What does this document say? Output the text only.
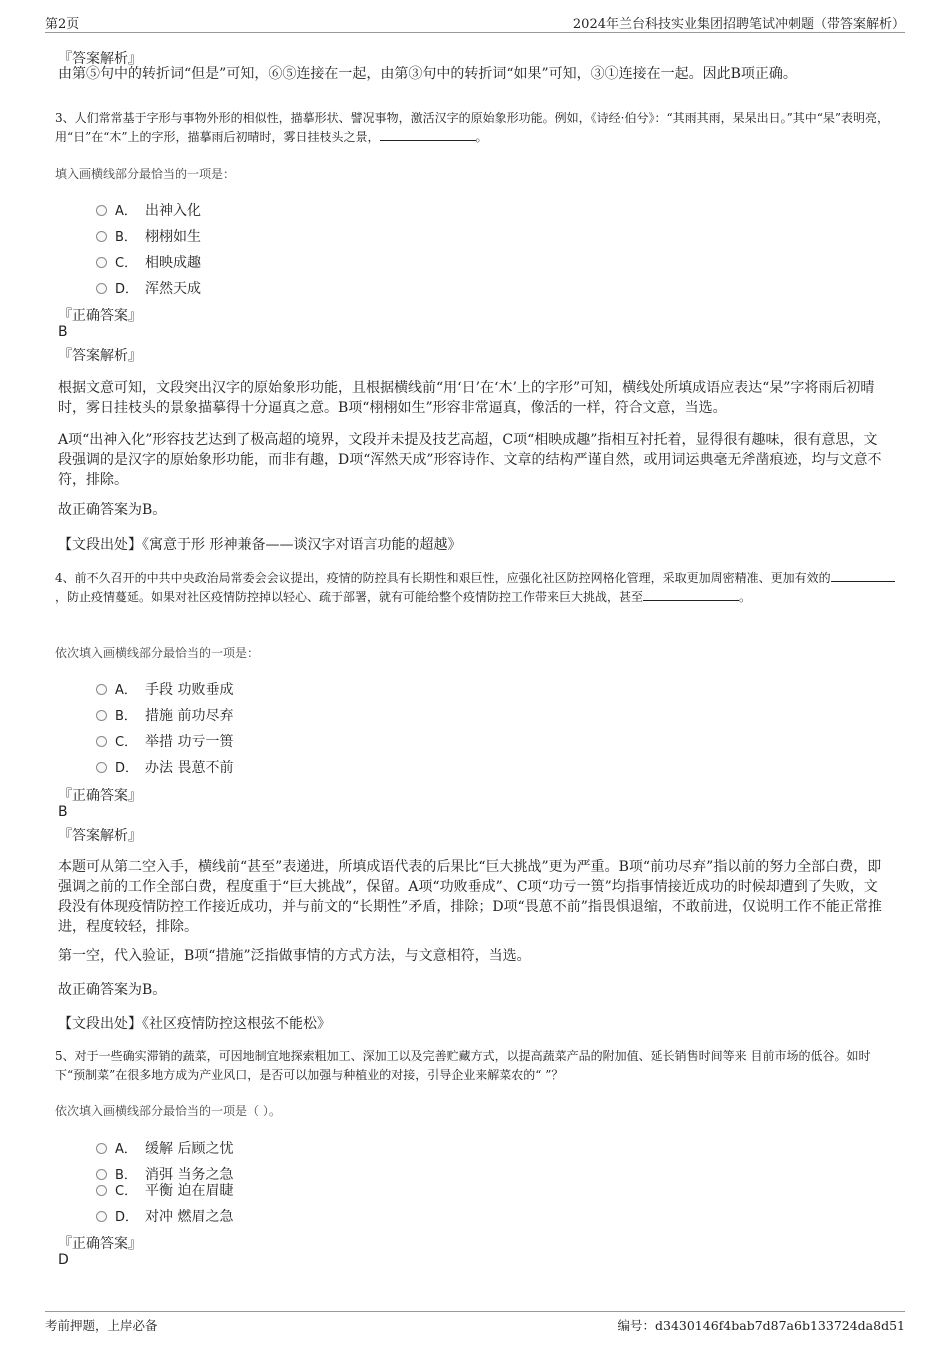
第2页	2024年兰台科技实业集团招聘笔试冲刺题（带答案解析）
『答案解析』
由第⑤句中的转折词“但是”可知，⑥⑤连接在一起，由第③句中的转折词“如果”可知，③①连接在一起。因此B项正确。
3、人们常常基于字形与事物外形的相似性，描摹形状、譬况事物，激活汉字的原始象形功能。例如，《诗经·伯兮》：“其雨其雨，杲杲出日。”其中“杲”表明亮，用“日”在“木”上的字形，描摹雨后初晴时，雾日挂枝头之景，	。
填入画横线部分最恰当的一项是：
A． 出神入化
B． 栩栩如生
C． 相映成趣
D． 浑然天成
『正确答案』
B
『答案解析』
根据文意可知，文段突出汉字的原始象形功能，且根据横线前“用‘日’在‘木’上的字形”可知，横线处所填成语应表达“杲”字将雨后初晴时，雾日挂枝头的景象描摹得十分逼真之意。B项“栩栩如生”形容非常逼真，像活的一样，符合文意，当选。
A项“出神入化”形容技艺达到了极高超的境界，文段并未提及技艺高超，C项“相映成趣”指相互衬托着，显得很有趣味，很有意思，文段强调的是汉字的原始象形功能，而非有趣，D项“浑然天成”形容诗作、文章的结构严谨自然，或用词运典毫无斧凿痕迹，均与文意不符，排除。
故正确答案为B。
【文段出处】《寓意于形 形神兼备——谈汉字对语言功能的超越》
4、前不久召开的中共中央政治局常委会会议提出，疫情的防控具有长期性和艰巨性，应强化社区防控网格化管理，采取更加周密精准、更加有效的，防止疫情蔓延。如果对社区疫情防控掉以轻心、疏于部署，就有可能给整个疫情防控工作带来巨大挑战，甚至	。
依次填入画横线部分最恰当的一项是：
A． 手段 功败垂成
B． 措施 前功尽弃
C． 举措 功亏一篑
D． 办法 畏葸不前
『正确答案』
B
『答案解析』
本题可从第二空入手，横线前“甚至”表递进，所填成语代表的后果比“巨大挑战”更为严重。B项“前功尽弃”指以前的努力全部白费，即强调之前的工作全部白费，程度重于“巨大挑战”，保留。A项“功败垂成”、C项“功亏一篑”均指事情接近成功的时候却遭到了失败，文段没有体现疫情防控工作接近成功，并与前文的“长期性”矛盾，排除；D项“畏葸不前”指畏惧退缩，不敢前进，仅说明工作不能正常推进，程度较轻，排除。
第一空，代入验证，B项“措施”泛指做事情的方式方法，与文意相符，当选。
故正确答案为B。
【文段出处】《社区疫情防控这根弦不能松》
5、对于一些确实滞销的蔬菜，可因地制宜地探索粗加工、深加工以及完善贮藏方式，以提高蔬菜产品的附加值、延长销售时间等来 目前市场的低谷。如时下“预制菜”在很多地方成为产业风口，是否可以加强与种植业的对接，引导企业来解菜农的“ ”？
依次填入画横线部分最恰当的一项是（ ）。
A． 缓解 后顾之忧
B． 消弭 当务之急
C． 平衡 迫在眉睫
D． 对冲 燃眉之急
『正确答案』
D
考前押题，上岸必备	编号：d3430146f4bab7d87a6b133724da8d51
